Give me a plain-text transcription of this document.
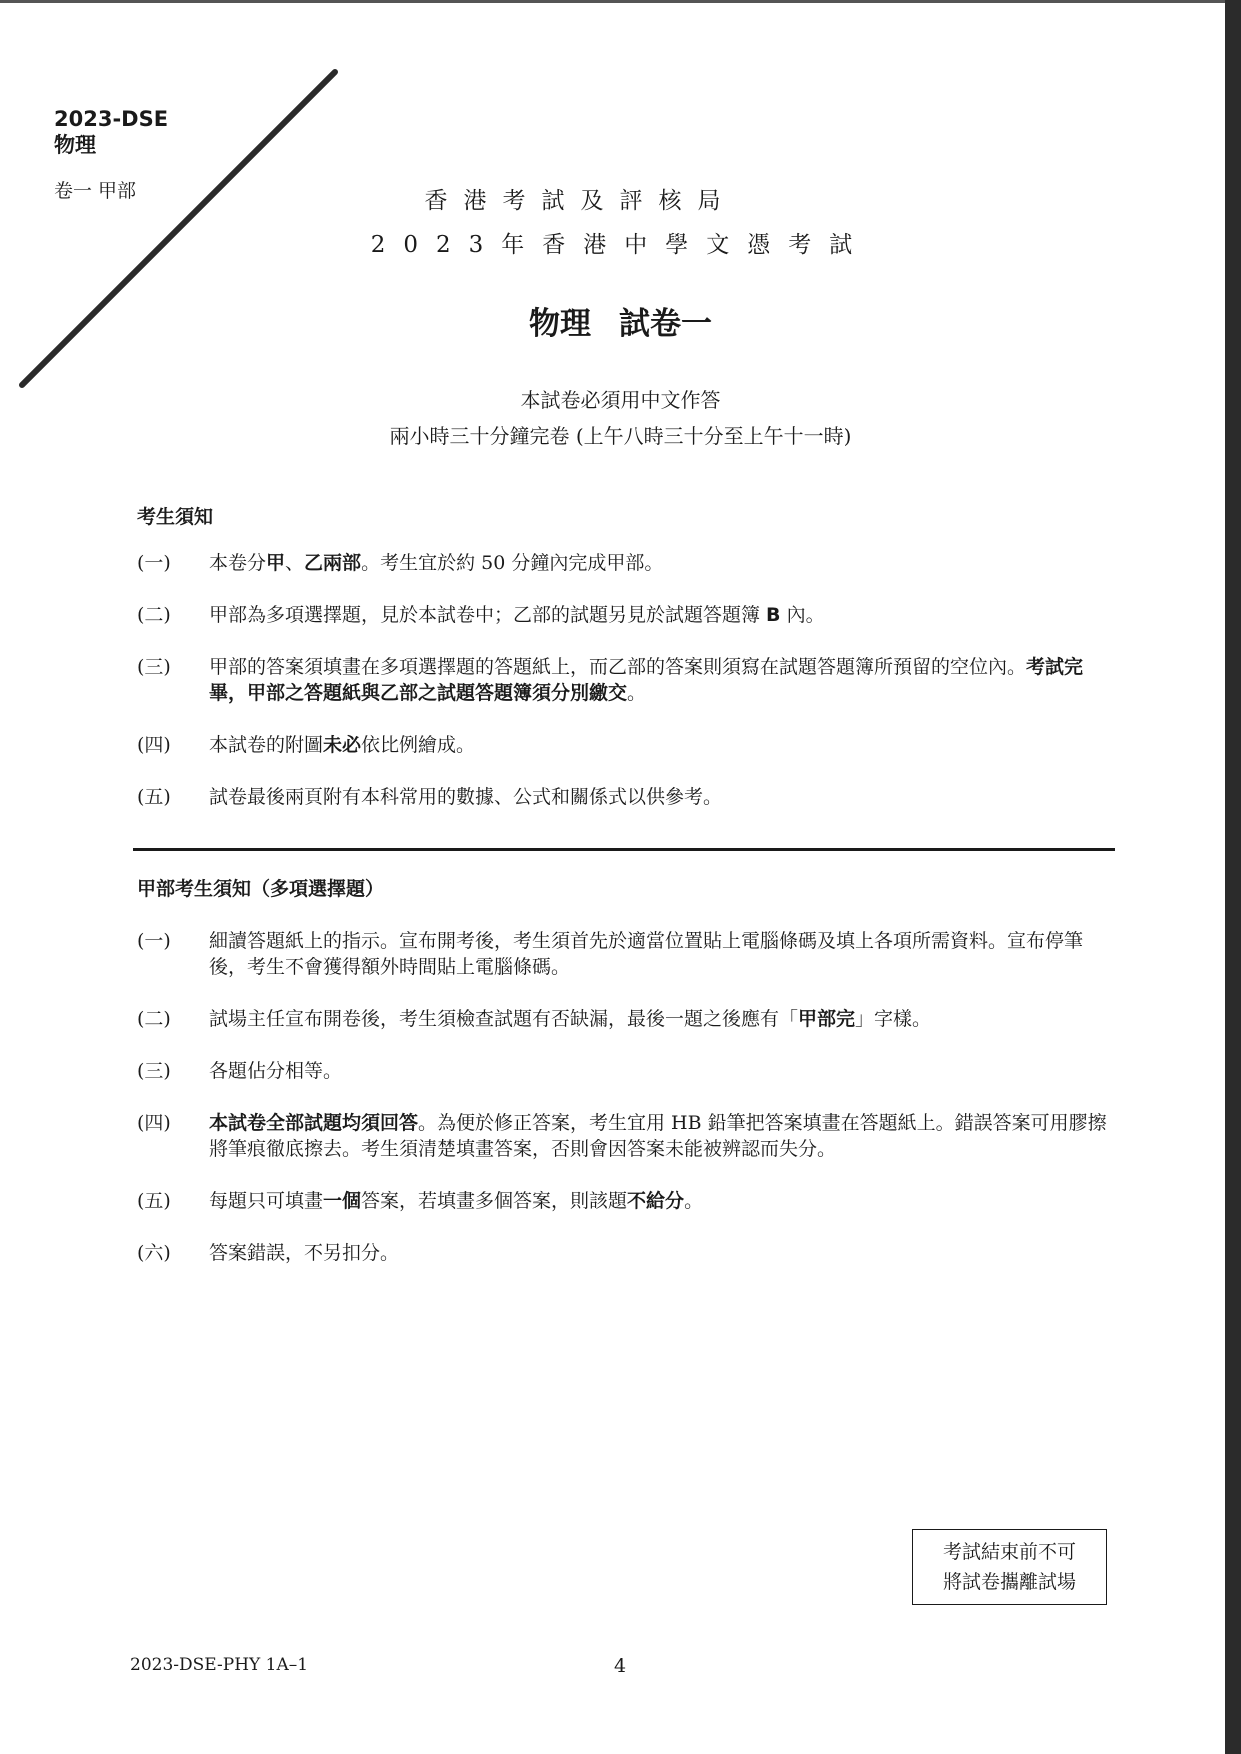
2023-DSE
物理
卷一 甲部	香港考試及評核局
2023年香港中學文憑考試
物理 試卷一
本試卷必須用中文作答
兩小時三十分鐘完卷 (上午八時三十分至上午十一時)
考生須知
(一)	本卷分甲、乙兩部。考生宜於約 50 分鐘內完成甲部。
(二)	甲部為多項選擇題，見於本試卷中；乙部的試題另見於試題答題簿 B 內。
(三)	甲部的答案須填畫在多項選擇題的答題紙上，而乙部的答案則須寫在試題答題簿所預留的空位內。考試完畢，甲部之答題紙與乙部之試題答題簿須分別繳交。
(四)	本試卷的附圖未必依比例繪成。
(五)	試卷最後兩頁附有本科常用的數據、公式和關係式以供參考。
甲部考生須知（多項選擇題）
(一)	細讀答題紙上的指示。宣布開考後，考生須首先於適當位置貼上電腦條碼及填上各項所需資料。宣布停筆後，考生不會獲得額外時間貼上電腦條碼。
(二)	試場主任宣布開卷後，考生須檢查試題有否缺漏，最後一題之後應有「甲部完」字樣。
(三)	各題佔分相等。
(四)	本試卷全部試題均須回答。為便於修正答案，考生宜用 HB 鉛筆把答案填畫在答題紙上。錯誤答案可用膠擦將筆痕徹底擦去。考生須清楚填畫答案，否則會因答案未能被辨認而失分。
(五)	每題只可填畫一個答案，若填畫多個答案，則該題不給分。
(六)	答案錯誤，不另扣分。
考試結束前不可
將試卷攜離試場
2023-DSE-PHY 1A–1	4
